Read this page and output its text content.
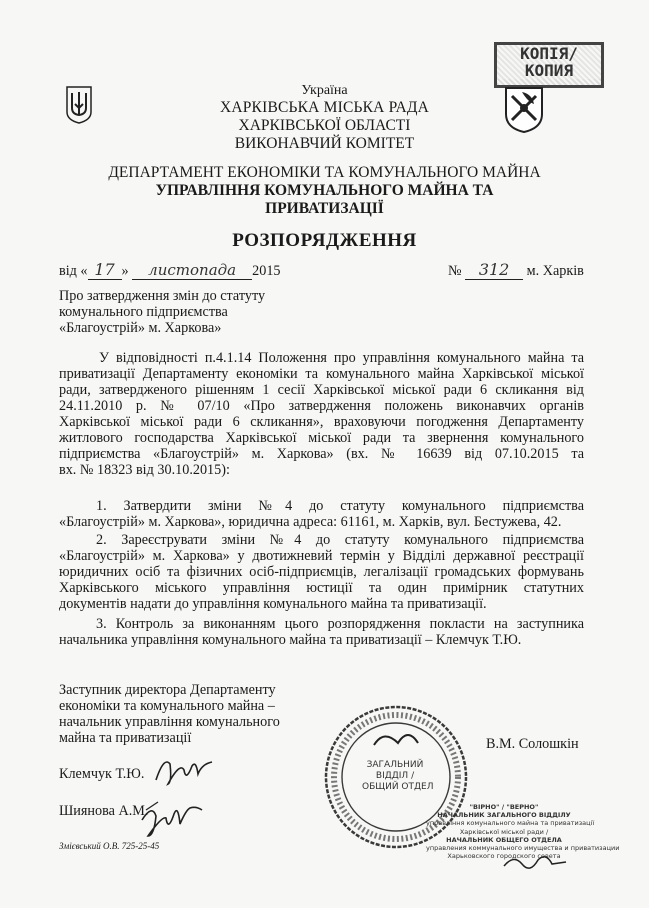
КОПІЯ/
КОПИЯ
Україна
ХАРКІВСЬКА МІСЬКА РАДА
ХАРКІВСЬКОЇ ОБЛАСТІ
ВИКОНАВЧИЙ КОМІТЕТ
ДЕПАРТАМЕНТ ЕКОНОМІКИ ТА КОМУНАЛЬНОГО МАЙНА
УПРАВЛІННЯ КОМУНАЛЬНОГО МАЙНА ТА
ПРИВАТИЗАЦІЇ
РОЗПОРЯДЖЕННЯ
від « 17 » листопада 2015	№ 312 м. Харків
Про затвердження змін до статуту
комунального підприємства
«Благоустрій» м. Харкова»
У відповідності п.4.1.14 Положення про управління комунального майна та
приватизації Департаменту економіки та комунального майна Харківської міської
ради, затвердженого рішенням 1 сесії Харківської міської ради 6 скликання від
24.11.2010 р. № 07/10 «Про затвердження положень виконавчих органів
Харківської міської ради 6 скликання», враховуючи погодження Департаменту
житлового господарства Харківської міської ради та звернення комунального
підприємства «Благоустрій» м. Харкова» (вх. № 16639 від 07.10.2015 та
вх. № 18323 від 30.10.2015):
1. Затвердити зміни №4 до статуту комунального підприємства
«Благоустрій» м. Харкова», юридична адреса: 61161, м. Харків, вул. Бестужева, 42.
2. Зареєструвати зміни №4 до статуту комунального підприємства
«Благоустрій» м. Харкова» у двотижневий термін у Відділі державної реєстрації
юридичних осіб та фізичних осіб-підприємців, легалізації громадських формувань
Харківського міського управління юстиції та один примірник статутних
документів надати до управління комунального майна та приватизації.
3. Контроль за виконанням цього розпорядження покласти на заступника
начальника управління комунального майна та приватизації – Клемчук Т.Ю.
Заступник директора Департаменту
економіки та комунального майна –
начальник управління комунального
майна та приватизації	В.М. Солошкін
Клемчук Т.Ю.
Шиянова А.М.
Змієвський О.В. 725-25-45
ЗАГАЛЬНИЙ
ВІДДІЛ /
ОБЩИЙ ОТДЕЛ
"ВІРНО" / "ВЕРНО"
НАЧАЛЬНИК ЗАГАЛЬНОГО ВІДДІЛУ
управління комунального майна та приватизації
Харківської міської ради /
НАЧАЛЬНИК ОБЩЕГО ОТДЕЛА
управления коммунального имущества и приватизации
Харьковского городского совета
